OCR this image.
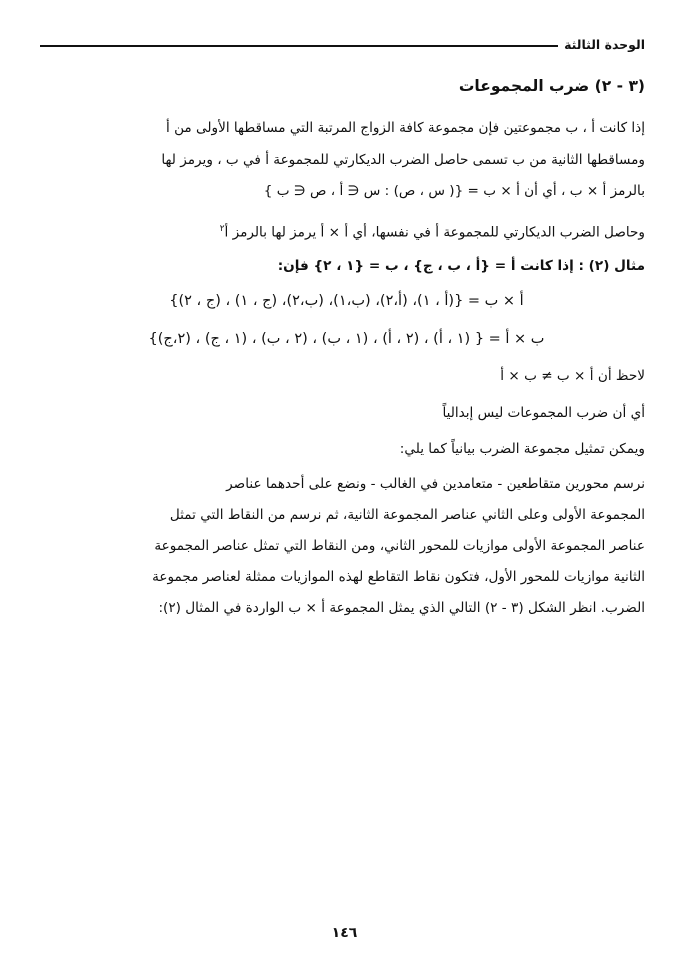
الوحدة الثالثة
(٣ - ٢) ضرب المجموعات
إذا كانت أ ، ب مجموعتين فإن مجموعة كافة الزواج المرتبة التي مساقطها الأولى من أ
ومساقطها الثانية من ب تسمى حاصل الضرب الديكارتي للمجموعة أ في ب ، ويرمز لها
بالرمز أ × ب ، أي أن أ × ب = {( س ، ص) : س ∈ أ ، ص ∈ ب }
وحاصل الضرب الديكارتي للمجموعة أ في نفسها، أي أ × أ يرمز لها بالرمز أ$^٢$
مثال (٢) : إذا كانت أ = {أ ، ب ، ج} ، ب = {١ ، ٢} فإن:
أ × ب = {(أ ، ١)، (أ،٢)، (ب،١)، (ب،٢)، (ج ، ١) ، (ج ، ٢)}
ب × أ = { (١ ، أ) ، (٢ ، أ) ، (١ ، ب) ، (٢ ، ب) ، (١ ، ج) ، (٢،ج)}
لاحظ أن أ × ب ≠ ب × أ
أي أن ضرب المجموعات ليس إبدالياً
ويمكن تمثيل مجموعة الضرب بيانياً كما يلي:
نرسم محورين متقاطعين - متعامدين في الغالب - ونضع على أحدهما عناصر
المجموعة الأولى وعلى الثاني عناصر المجموعة الثانية، ثم نرسم من النقاط التي تمثل
عناصر المجموعة الأولى موازيات للمحور الثاني، ومن النقاط التي تمثل عناصر المجموعة
الثانية موازيات للمحور الأول، فتكون نقاط التقاطع لهذه الموازيات ممثلة لعناصر مجموعة
الضرب. انظر الشكل (٣ - ٢) التالي الذي يمثل المجموعة أ × ب الواردة في المثال (٢):
١٤٦
